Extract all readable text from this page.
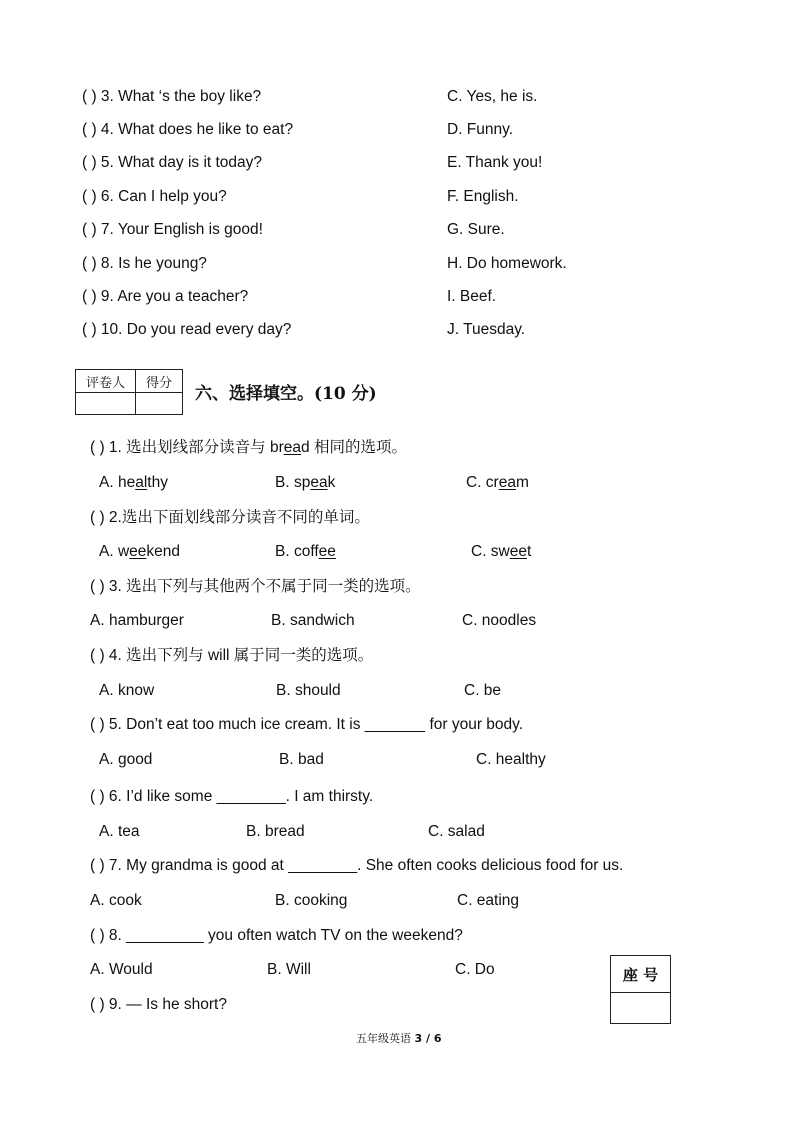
( ) 3. What ‘s the boy like?	C. Yes, he is.
( ) 4. What does he like to eat?	D. Funny.
( ) 5. What day is it today?	E. Thank you!
( ) 6. Can I help you?	F. English.
( ) 7. Your English is good!	G. Sure.
( ) 8. Is he young?	H. Do homework.
( ) 9. Are you a teacher?	I. Beef.
( ) 10. Do you read every day?	J. Tuesday.
评卷人	得分

六、选择填空。(10 分)
( ) 1. 选出划线部分读音与 bread 相同的选项。
A. healthy	B. speak	C. cream
( ) 2.选出下面划线部分读音不同的单词。
A. weekend	B. coffee	C. sweet
( ) 3. 选出下列与其他两个不属于同一类的选项。
A. hamburger	B. sandwich	C. noodles
( ) 4. 选出下列与 will 属于同一类的选项。
A. know	B. should	C. be
( ) 5. Don’t eat too much ice cream. It is _______ for your body.
A. good	B. bad	C. healthy
( ) 6. I’d like some ________. I am thirsty.
A. tea	B. bread	C. salad
( ) 7. My grandma is good at ________. She often cooks delicious food for us.
A. cook	B. cooking	C. eating
( ) 8. _________ you often watch TV on the weekend?
A. Would	B. Will	C. Do
( ) 9. — Is he short?
座 号

五年级英语 3 / 6
